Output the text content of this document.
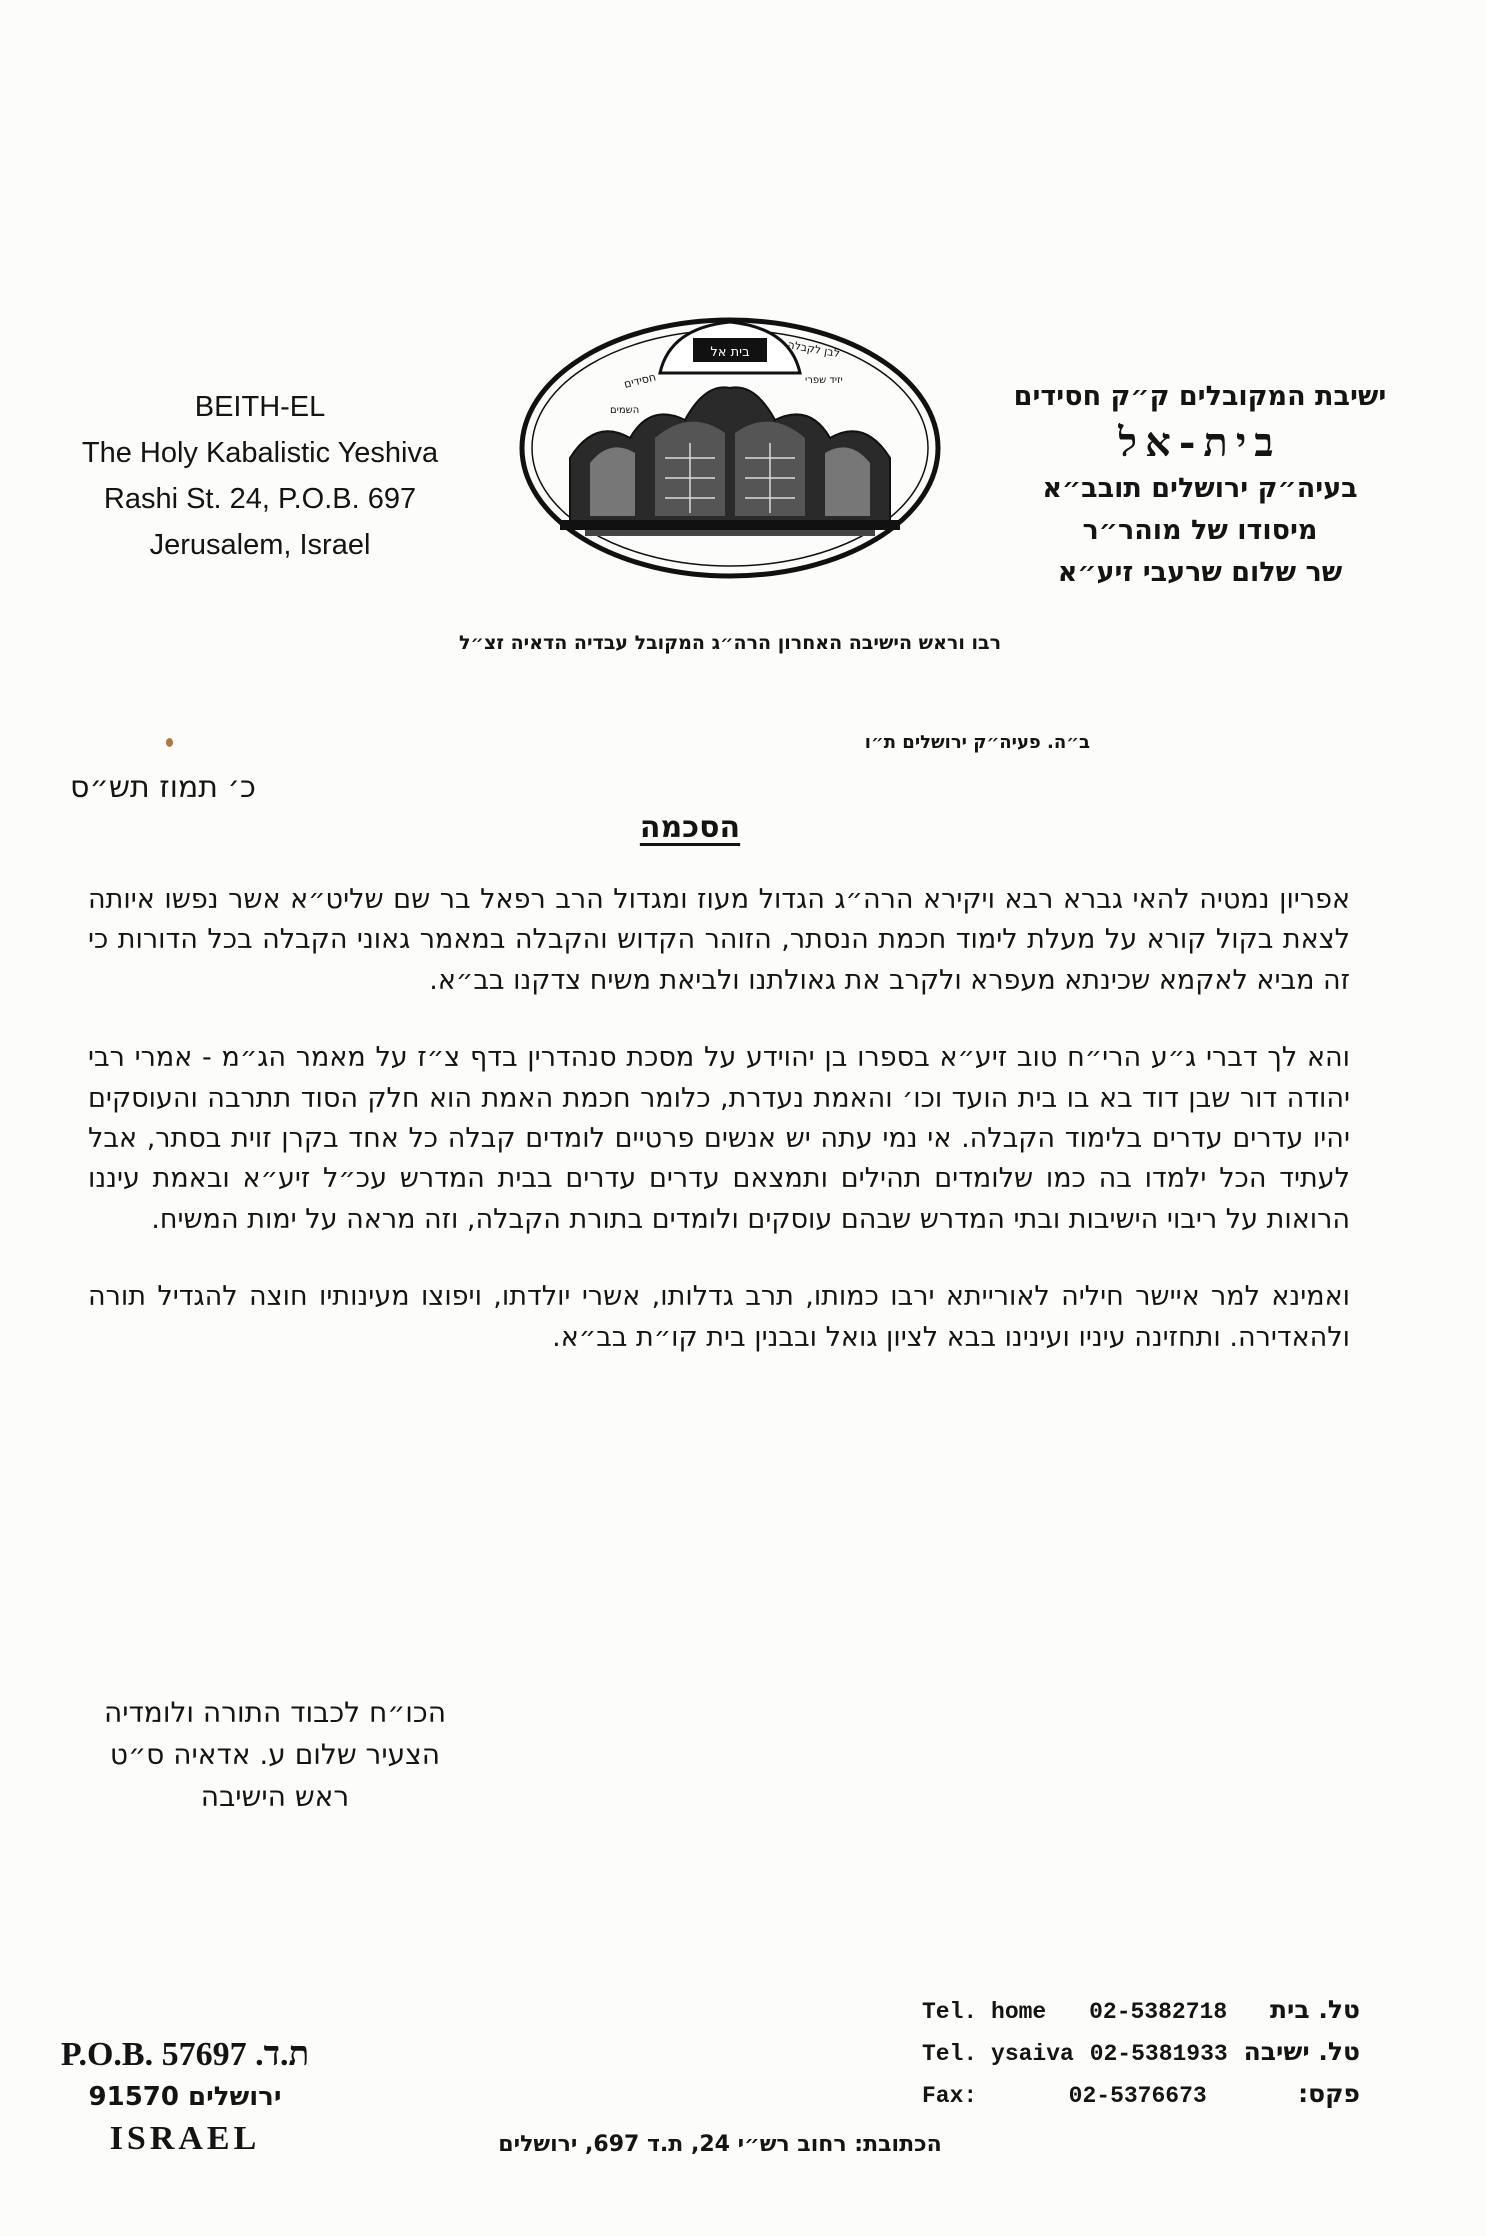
BEITH-EL
The Holy Kabalistic Yeshiva
Rashi St. 24, P.O.B. 697
Jerusalem, Israel
בית אל
חסידים
לבן לקבלה
השמים
יזיד שפרי
ישיבת המקובלים ק״ק חסידים
בית-אל
בעיה״ק ירושלים תובב״א
מיסודו של מוהר״ר
שר שלום שרעבי זיע״א
רבו וראש הישיבה האחרון הרה״ג המקובל עבדיה הדאיה זצ״ל
ב״ה. פעיה״ק ירושלים ת״ו
כ׳ תמוז תש״ס
הסכמה

אפריון נמטיה להאי גברא רבא ויקירא הרה״ג הגדול מעוז ומגדול הרב רפאל בר שם שליט״א אשר נפשו איותה לצאת בקול קורא על מעלת לימוד חכמת הנסתר, הזוהר הקדוש והקבלה במאמר גאוני הקבלה בכל הדורות כי זה מביא לאקמא שכינתא מעפרא ולקרב את גאולתנו ולביאת משיח צדקנו בב״א.

והא לך דברי ג״ע הרי״ח טוב זיע״א בספרו בן יהוידע על מסכת סנהדרין בדף צ״ז על מאמר הג״מ - אמרי רבי יהודה דור שבן דוד בא בו בית הועד וכו׳ והאמת נעדרת, כלומר חכמת האמת הוא חלק הסוד תתרבה והעוסקים יהיו עדרים עדרים בלימוד הקבלה. אי נמי עתה יש אנשים פרטיים לומדים קבלה כל אחד בקרן זוית בסתר, אבל לעתיד הכל ילמדו בה כמו שלומדים תהילים ותמצאם עדרים עדרים בבית המדרש עכ״ל זיע״א ובאמת עיננו הרואות על ריבוי הישיבות ובתי המדרש שבהם עוסקים ולומדים בתורת הקבלה, וזה מראה על ימות המשיח.

ואמינא למר איישר חיליה לאורייתא ירבו כמותו, תרב גדלותו, אשרי יולדתו, ויפוצו מעינותיו חוצה להגדיל תורה ולהאדירה. ותחזינה עיניו ועינינו בבא לציון גואל ובבנין בית קו״ת בב״א.

הכו״ח לכבוד התורה ולומדיה
הצעיר שלום ע. אדאיה ס״ט
ראש הישיבה
P.O.B. 57697 .ת.ד
ירושלים 91570
ISRAEL
Tel. home 02-5382718 טל. בית
Tel. ysaiva 02-5381933 טל. ישיבה
Fax:	02-5376673	פקס:
הכתובת: רחוב רש״י 24, ת.ד 697, ירושלים
